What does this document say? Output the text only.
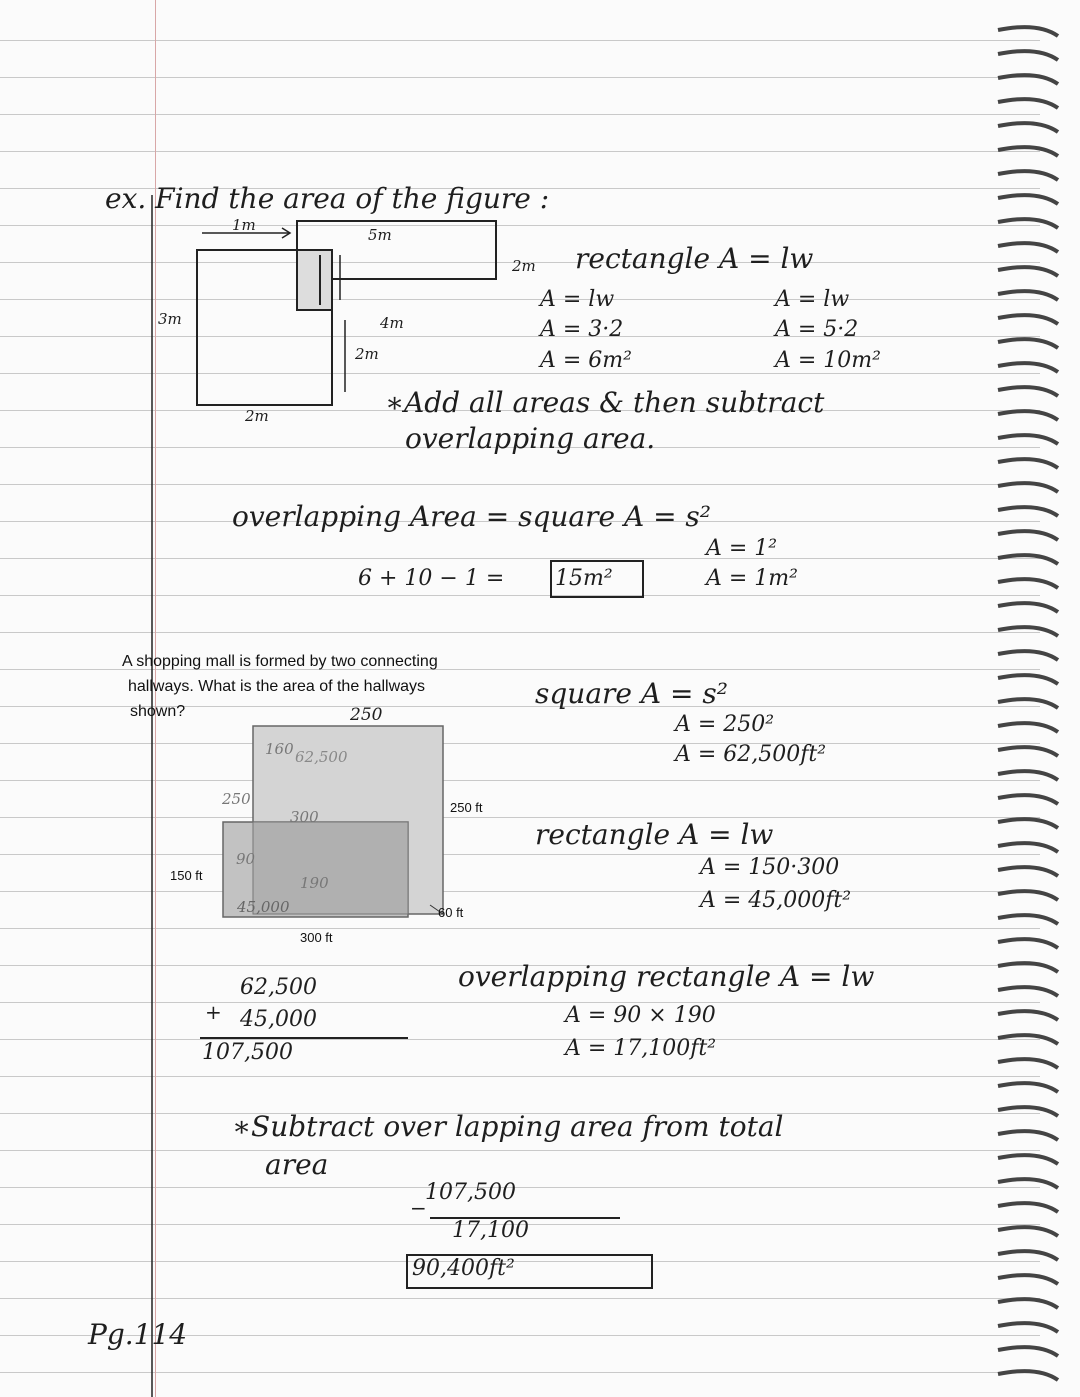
ex. Find the area of the figure :
1m
5m
3m	4m
2m
2m
2m rectangle A = lw
A = lw
A = 3·2
A = 6m²
A = lw
A = 5·2
A = 10m²
∗Add all areas & then subtract
overlapping area.
overlapping Area = square A = s²
A = 1²
A = 1m²
6 + 10 − 1 = 15m²
A shopping mall is formed by two connecting
hallways. What is the area of the hallways
shown?	250
250 ft
150 ft
300 ft
60 ft
62,500
45,000
300
190
90
160
250
square A = s²
A = 250²
A = 62,500ft²
rectangle A = lw
A = 150·300
A = 45,000ft²
+
62,500
45,000
107,500
overlapping rectangle A = lw
A = 90 × 190
A = 17,100ft²
∗Subtract over lapping area from total
area
−
107,500
17,100
90,400ft²
Pg.114
